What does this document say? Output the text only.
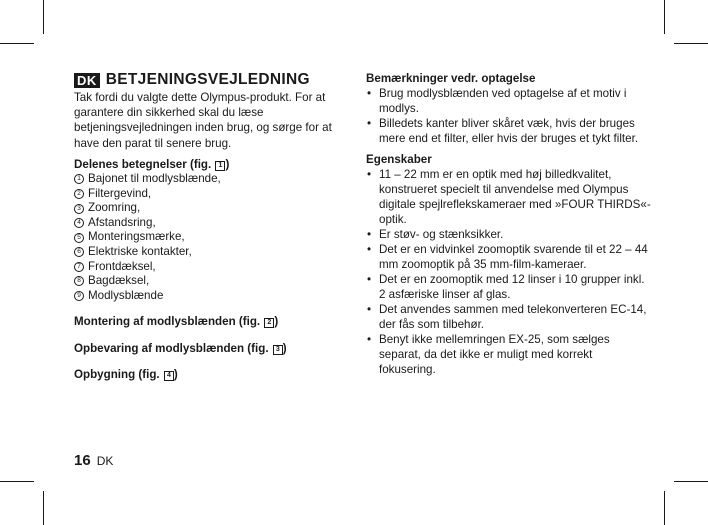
DK BETJENINGSVEJLEDNING

Tak fordi du valgte dette Olympus-produkt. For at garantere din sikkerhed skal du læse betjeningsvejledningen inden brug, og sørge for at have den parat til senere brug.

Delenes betegnelser (fig. 1 )
1 Bajonet til modlysblænde,
2 Filtergevind,
3 Zoomring,
4 Afstandsring,
5 Monteringsmærke,
6 Elektriske kontakter,
7 Frontdæksel,
8 Bagdæksel,
9 Modlysblænde
Montering af modlysblænden (fig. 2 )
Opbevaring af modlysblænden (fig. 3 )
Opbygning (fig. 4 )
Bemærkninger vedr. optagelse
• Brug modlysblænden ved optagelse af et motiv i modlys.
• Billedets kanter bliver skåret væk, hvis der bruges mere end et filter, eller hvis der bruges et tykt filter.
Egenskaber
• 11 – 22 mm er en optik med høj billedkvalitet, konstrueret specielt til anvendelse med Olympus digitale spejlreflekskameraer med »FOUR THIRDS«-optik.
• Er støv- og stænksikker.
• Det er en vidvinkel zoomoptik svarende til et 22 – 44 mm zoomoptik på 35 mm-film-kameraer.
• Det er en zoomoptik med 12 linser i 10 grupper inkl. 2 asfæriske linser af glas.
• Det anvendes sammen med telekonverteren EC-14, der fås som tilbehør.
• Benyt ikke mellemringen EX-25, som sælges separat, da det ikke er muligt med korrekt fokusering.
16 DK
